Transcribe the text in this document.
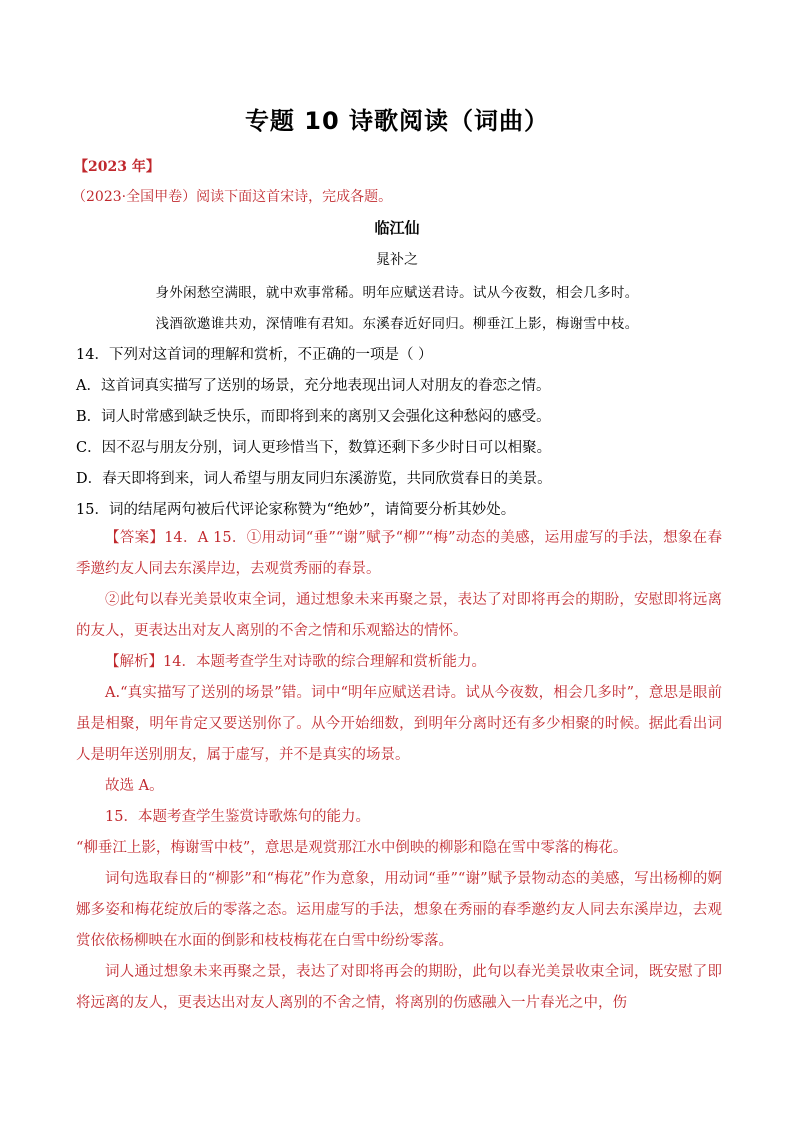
专题 10 诗歌阅读（词曲）
【2023 年】
（2023·全国甲卷）阅读下面这首宋诗，完成各题。
临江仙
晁补之
身外闲愁空满眼，就中欢事常稀。明年应赋送君诗。试从今夜数，相会几多时。
浅酒欲邀谁共劝，深情唯有君知。东溪春近好同归。柳垂江上影，梅谢雪中枝。
14．下列对这首词的理解和赏析，不正确的一项是（ ）
A．这首词真实描写了送别的场景，充分地表现出词人对朋友的眷恋之情。
B．词人时常感到缺乏快乐，而即将到来的离别又会强化这种愁闷的感受。
C．因不忍与朋友分别，词人更珍惜当下，数算还剩下多少时日可以相聚。
D．春天即将到来，词人希望与朋友同归东溪游览，共同欣赏春日的美景。
15．词的结尾两句被后代评论家称赞为“绝妙”，请简要分析其妙处。
【答案】14．A 15．①用动词“垂”“谢”赋予“柳”“梅”动态的美感，运用虚写的手法，想象在春季邀约友人同去东溪岸边，去观赏秀丽的春景。
②此句以春光美景收束全词，通过想象未来再聚之景，表达了对即将再会的期盼，安慰即将远离的友人，更表达出对友人离别的不舍之情和乐观豁达的情怀。
【解析】14．本题考查学生对诗歌的综合理解和赏析能力。
A.“真实描写了送别的场景”错。词中“明年应赋送君诗。试从今夜数，相会几多时”，意思是眼前虽是相聚，明年肯定又要送别你了。从今开始细数，到明年分离时还有多少相聚的时候。据此看出词人是明年送别朋友，属于虚写，并不是真实的场景。
故选 A。
15．本题考查学生鉴赏诗歌炼句的能力。
“柳垂江上影，梅谢雪中枝”，意思是观赏那江水中倒映的柳影和隐在雪中零落的梅花。
词句选取春日的“柳影”和“梅花”作为意象，用动词“垂”“谢”赋予景物动态的美感，写出杨柳的婀娜多姿和梅花绽放后的零落之态。运用虚写的手法，想象在秀丽的春季邀约友人同去东溪岸边，去观赏依依杨柳映在水面的倒影和枝枝梅花在白雪中纷纷零落。
词人通过想象未来再聚之景，表达了对即将再会的期盼，此句以春光美景收束全词，既安慰了即将远离的友人，更表达出对友人离别的不舍之情，将离别的伤感融入一片春光之中，伤
